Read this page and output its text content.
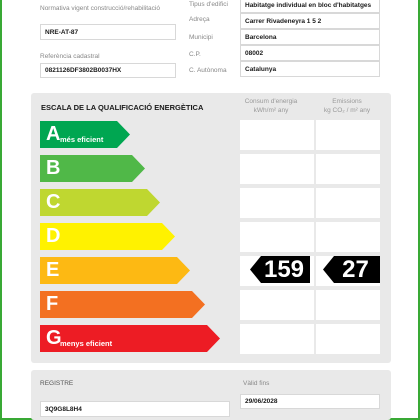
Normativa vigent construcció/rehabilitació
NRE-AT-87
Referència cadastral
0821126DF3802B0037HX
Tipus d'edifici	Habitatge individual en bloc d'habitatges
Adreça	Carrer Rivadeneyra 1 5 2
Municipi	Barcelona
C.P.	08002
C. Autònoma	Catalunya
ESCALA DE LA QUALIFICACIÓ ENERGÈTICA
Consum d'energia
kWh/m² any
Emissions
kg CO₂ / m² any
A més eficient
B
C
D
E
F
G
menys eficient
159	27
REGISTRE
3Q9G8L8H4
Vàlid fins
29/06/2028
